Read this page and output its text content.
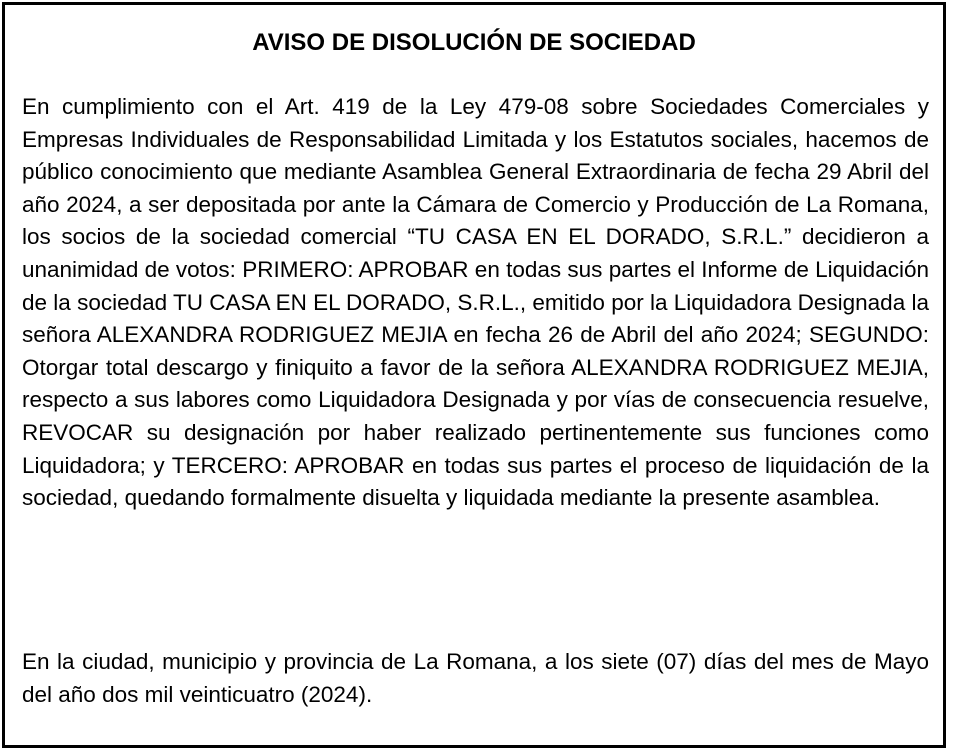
AVISO DE DISOLUCIÓN DE SOCIEDAD

En cumplimiento con el Art. 419 de la Ley 479-08 sobre Sociedades Comerciales y Empresas Individuales de Responsabilidad Limitada y los Estatutos sociales, hacemos de público conocimiento que mediante Asamblea General Extraordinaria de fecha 29 Abril del año 2024, a ser depositada por ante la Cámara de Comercio y Producción de La Romana, los socios de la sociedad comercial “TU CASA EN EL DORADO, S.R.L.” decidieron a unanimidad de votos: PRIMERO: APROBAR en todas sus partes el Informe de Liquidación de la sociedad TU CASA EN EL DORADO, S.R.L., emitido por la Liquidadora Designada la señora ALEXANDRA RODRIGUEZ MEJIA en fecha 26 de Abril del año 2024; SEGUNDO: Otorgar total descargo y finiquito a favor de la señora ALEXANDRA RODRIGUEZ MEJIA, respecto a sus labores como Liquidadora Designada y por vías de consecuencia resuelve, REVOCAR su designación por haber realizado pertinentemente sus funciones como Liquidadora; y TERCERO: APROBAR en todas sus partes el proceso de liquidación de la sociedad, quedando formalmente disuelta y liquidada mediante la presente asamblea.

En la ciudad, municipio y provincia de La Romana, a los siete (07) días del mes de Mayo del año dos mil veinticuatro (2024).
